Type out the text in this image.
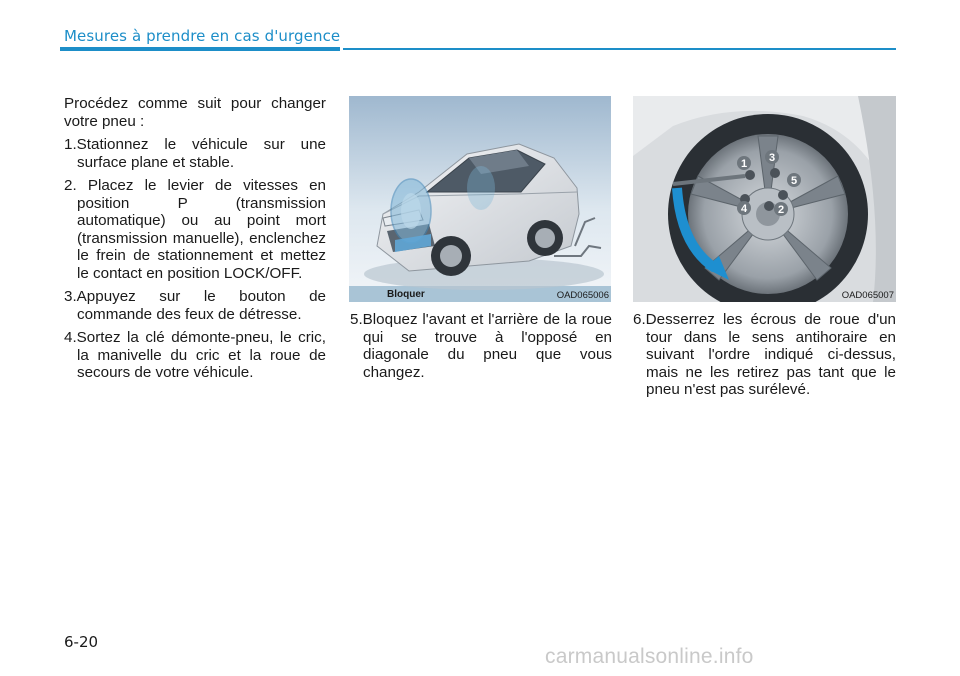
Mesures à prendre en cas d'urgence

Procédez comme suit pour changer votre pneu :

1.Stationnez le véhicule sur une surface plane et stable.
2. Placez le levier de vitesses en position P (transmission automatique) ou au point mort (transmission manuelle), enclenchez le frein de stationnement et mettez le contact en position LOCK/OFF.
3.Appuyez sur le bouton de commande des feux de détresse.
4.Sortez la clé démonte-pneu, le cric, la manivelle du cric et la roue de secours de votre véhicule.
Bloquer	OAD065006
5.Bloquez l'avant et l'arrière de la roue qui se trouve à l'opposé en diagonale du pneu que vous changez.
1 3
5
2
4
OAD065007
6.Desserrez les écrous de roue d'un tour dans le sens antihoraire en suivant l'ordre indiqué ci-dessus, mais ne les retirez pas tant que le pneu n'est pas surélevé.
6-20
carmanualsonline.info
